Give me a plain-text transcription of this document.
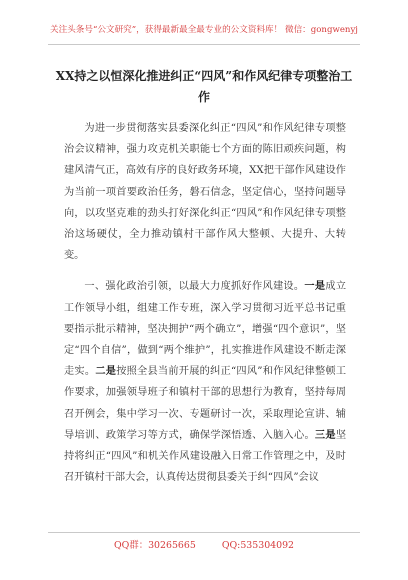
关注头条号“公文研究”，获得最新最全最专业的公文资料库！ 微信：gongwenyj
XX持之以恒深化推进纠正“四风”和作风纪律专项整治工作

为进一步贯彻落实县委深化纠正“四风”和作风纪律专项整治会议精神，强力攻克机关职能七个方面的陈旧顽疾问题，构建风清气正，高效有序的良好政务环境，XX把干部作风建设作为当前一项首要政治任务，磐石信念，坚定信心，坚持问题导向，以攻坚克难的劲头打好深化纠正“四风”和作风纪律专项整治这场硬仗，全力推动镇村干部作风大整顿、大提升、大转变。

一、强化政治引领，以最大力度抓好作风建设。一是成立工作领导小组，组建工作专班，深入学习贯彻习近平总书记重要指示批示精神，坚决拥护“两个确立”，增强“四个意识”，坚定“四个自信”，做到“两个维护”，扎实推进作风建设不断走深走实。二是按照全县当前开展的纠正“四风”和作风纪律整顿工作要求，加强领导班子和镇村干部的思想行为教育，坚持每周召开例会，集中学习一次、专题研讨一次，采取理论宣讲、辅导培训、政策学习等方式，确保学深悟透、入脑入心。三是坚持将纠正“四风”和机关作风建设融入日常工作管理之中，及时召开镇村干部大会，认真传达贯彻县委关于纠“四风”会议

QQ群：30265665	QQ:535304092
